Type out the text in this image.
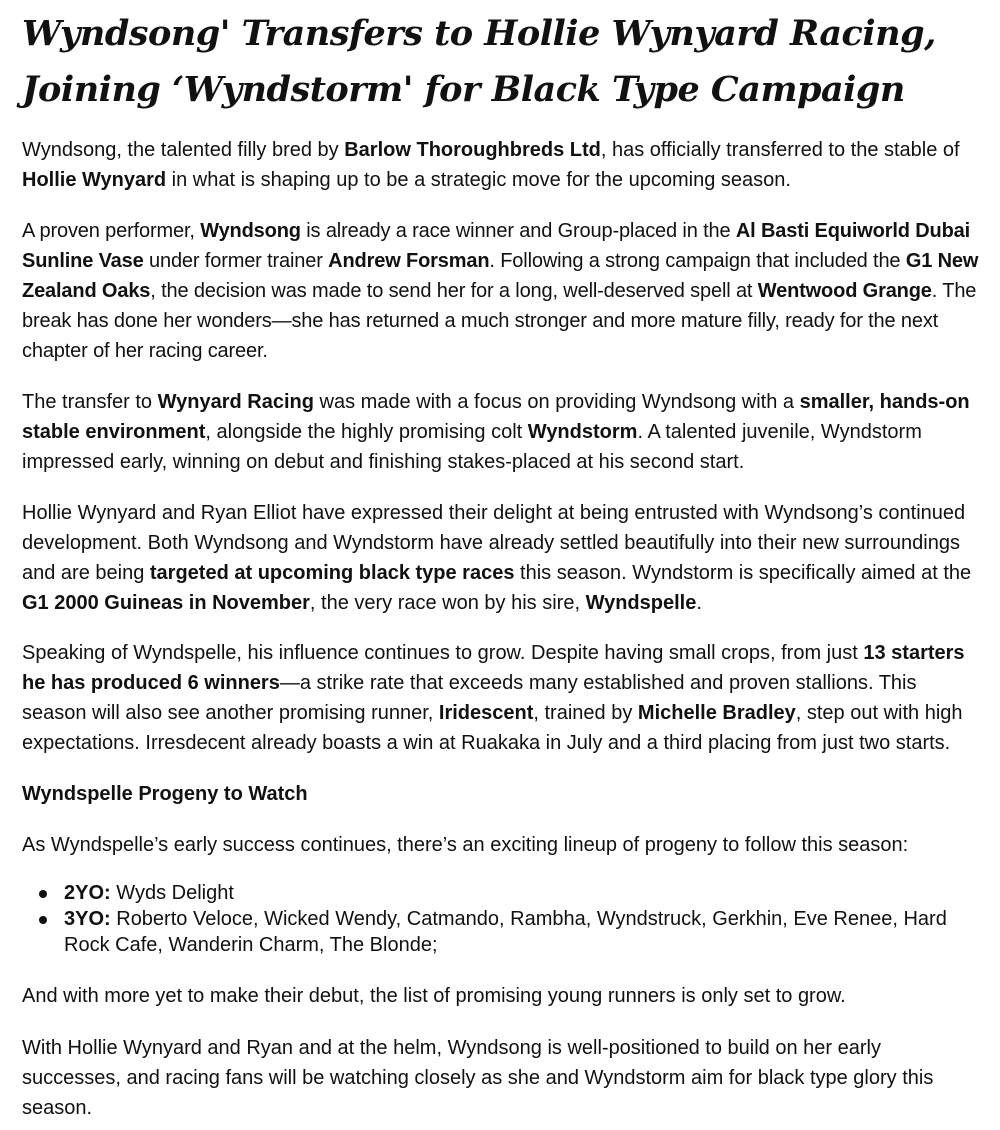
Wyndsong' Transfers to Hollie Wynyard Racing,
Joining ‘Wyndstorm' for Black Type Campaign

Wyndsong, the talented filly bred by Barlow Thoroughbreds Ltd, has officially transferred to the stable of Hollie Wynyard in what is shaping up to be a strategic move for the upcoming season.

A proven performer, Wyndsong is already a race winner and Group-placed in the Al Basti Equiworld Dubai Sunline Vase under former trainer Andrew Forsman. Following a strong campaign that included the G1 New Zealand Oaks, the decision was made to send her for a long, well-deserved spell at Wentwood Grange. The break has done her wonders—she has returned a much stronger and more mature filly, ready for the next chapter of her racing career.

The transfer to Wynyard Racing was made with a focus on providing Wyndsong with a smaller, hands-on stable environment, alongside the highly promising colt Wyndstorm. A talented juvenile, Wyndstorm impressed early, winning on debut and finishing stakes-placed at his second start.

Hollie Wynyard and Ryan Elliot have expressed their delight at being entrusted with Wyndsong’s continued development. Both Wyndsong and Wyndstorm have already settled beautifully into their new surroundings and are being targeted at upcoming black type races this season. Wyndstorm is specifically aimed at the G1 2000 Guineas in November, the very race won by his sire, Wyndspelle.

Speaking of Wyndspelle, his influence continues to grow. Despite having small crops, from just 13 starters he has produced 6 winners—a strike rate that exceeds many established and proven stallions. This season will also see another promising runner, Iridescent, trained by Michelle Bradley, step out with high expectations. Irresdecent already boasts a win at Ruakaka in July and a third placing from just two starts.

Wyndspelle Progeny to Watch

As Wyndspelle’s early success continues, there’s an exciting lineup of progeny to follow this season:

2YO: Wyds Delight
3YO: Roberto Veloce, Wicked Wendy, Catmando, Rambha, Wyndstruck, Gerkhin, Eve Renee, Hard Rock Cafe, Wanderin Charm, The Blonde;

And with more yet to make their debut, the list of promising young runners is only set to grow.

With Hollie Wynyard and Ryan and at the helm, Wyndsong is well-positioned to build on her early successes, and racing fans will be watching closely as she and Wyndstorm aim for black type glory this season.
